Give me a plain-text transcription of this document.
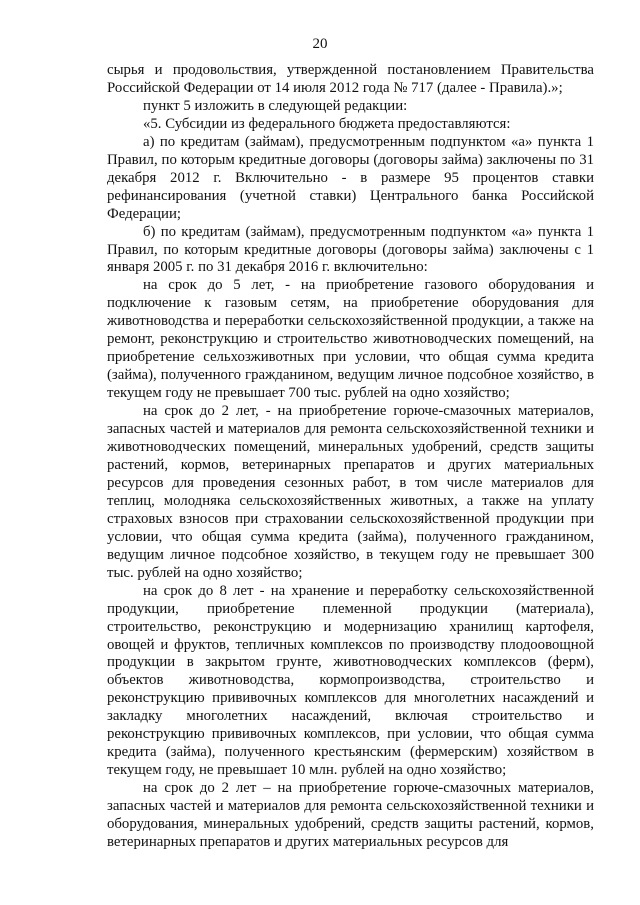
20

сырья и продовольствия, утвержденной постановлением Правительства Российской Федерации от 14 июля 2012 года № 717 (далее - Правила).»;

пункт 5 изложить в следующей редакции:

«5. Субсидии из федерального бюджета предоставляются:

а) по кредитам (займам), предусмотренным подпунктом «а» пункта 1 Правил, по которым кредитные договоры (договоры займа) заключены по 31 декабря 2012 г. Включительно - в размере 95 процентов ставки рефинансирования (учетной ставки) Центрального банка Российской Федерации;

б) по кредитам (займам), предусмотренным подпунктом «а» пункта 1 Правил, по которым кредитные договоры (договоры займа) заключены с 1 января 2005 г. по 31 декабря 2016 г. включительно:

на срок до 5 лет, - на приобретение газового оборудования и подключение к газовым сетям, на приобретение оборудования для животноводства и переработки сельскохозяйственной продукции, а также на ремонт, реконструкцию и строительство животноводческих помещений, на приобретение сельхозживотных при условии, что общая сумма кредита (займа), полученного гражданином, ведущим личное подсобное хозяйство, в текущем году не превышает 700 тыс. рублей на одно хозяйство;

на срок до 2 лет, - на приобретение горюче-смазочных материалов, запасных частей и материалов для ремонта сельскохозяйственной техники и животноводческих помещений, минеральных удобрений, средств защиты растений, кормов, ветеринарных препаратов и других материальных ресурсов для проведения сезонных работ, в том числе материалов для теплиц, молодняка сельскохозяйственных животных, а также на уплату страховых взносов при страховании сельскохозяйственной продукции при условии, что общая сумма кредита (займа), полученного гражданином, ведущим личное подсобное хозяйство, в текущем году не превышает 300 тыс. рублей на одно хозяйство;

на срок до 8 лет - на хранение и переработку сельскохозяйственной продукции, приобретение племенной продукции (материала), строительство, реконструкцию и модернизацию хранилищ картофеля, овощей и фруктов, тепличных комплексов по производству плодоовощной продукции в закрытом грунте, животноводческих комплексов (ферм), объектов животноводства, кормопроизводства, строительство и реконструкцию прививочных комплексов для многолетних насаждений и закладку многолетних насаждений, включая строительство и реконструкцию прививочных комплексов, при условии, что общая сумма кредита (займа), полученного крестьянским (фермерским) хозяйством в текущем году, не превышает 10 млн. рублей на одно хозяйство;

на срок до 2 лет – на приобретение горюче-смазочных материалов, запасных частей и материалов для ремонта сельскохозяйственной техники и оборудования, минеральных удобрений, средств защиты растений, кормов, ветеринарных препаратов и других материальных ресурсов для
